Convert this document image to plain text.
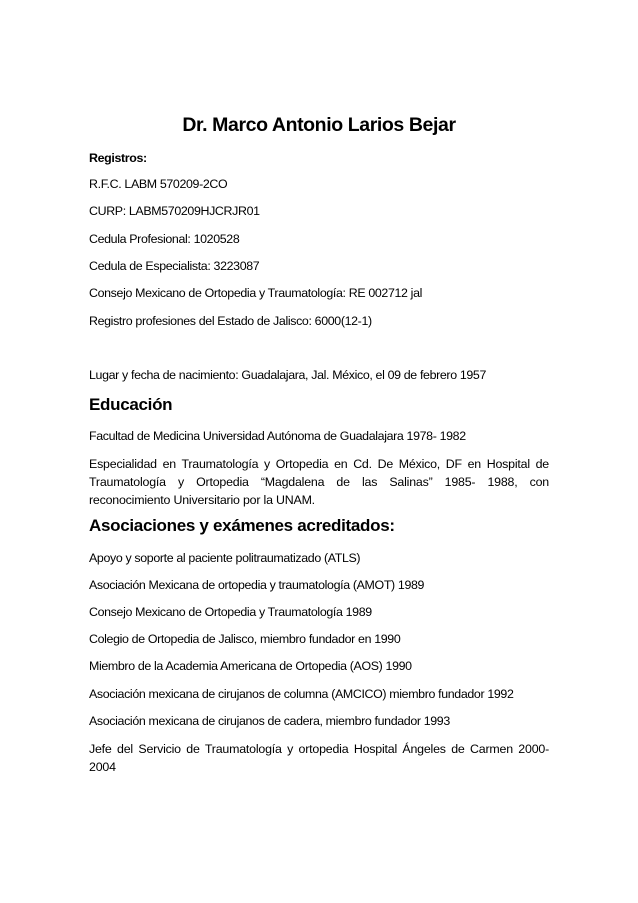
Dr. Marco Antonio Larios Bejar
Registros:
R.F.C. LABM 570209-2CO
CURP: LABM570209HJCRJR01
Cedula Profesional: 1020528
Cedula de Especialista: 3223087
Consejo Mexicano de Ortopedia y Traumatología: RE 002712 jal
Registro profesiones del Estado de Jalisco: 6000(12-1)
Lugar y fecha de nacimiento: Guadalajara, Jal. México, el 09 de febrero 1957
Educación
Facultad de Medicina Universidad Autónoma de Guadalajara 1978- 1982
Especialidad en Traumatología y Ortopedia en Cd. De México, DF en Hospital de Traumatología y Ortopedia “Magdalena de las Salinas” 1985- 1988, con reconocimiento Universitario por la UNAM.
Asociaciones y exámenes acreditados:
Apoyo y soporte al paciente politraumatizado (ATLS)
Asociación Mexicana de ortopedia y traumatología (AMOT) 1989
Consejo Mexicano de Ortopedia y Traumatología 1989
Colegio de Ortopedia de Jalisco, miembro fundador en 1990
Miembro de la Academia Americana de Ortopedia (AOS) 1990
Asociación mexicana de cirujanos de columna (AMCICO) miembro fundador 1992
Asociación mexicana de cirujanos de cadera, miembro fundador 1993
Jefe del Servicio de Traumatología y ortopedia Hospital Ángeles de Carmen 2000-2004
